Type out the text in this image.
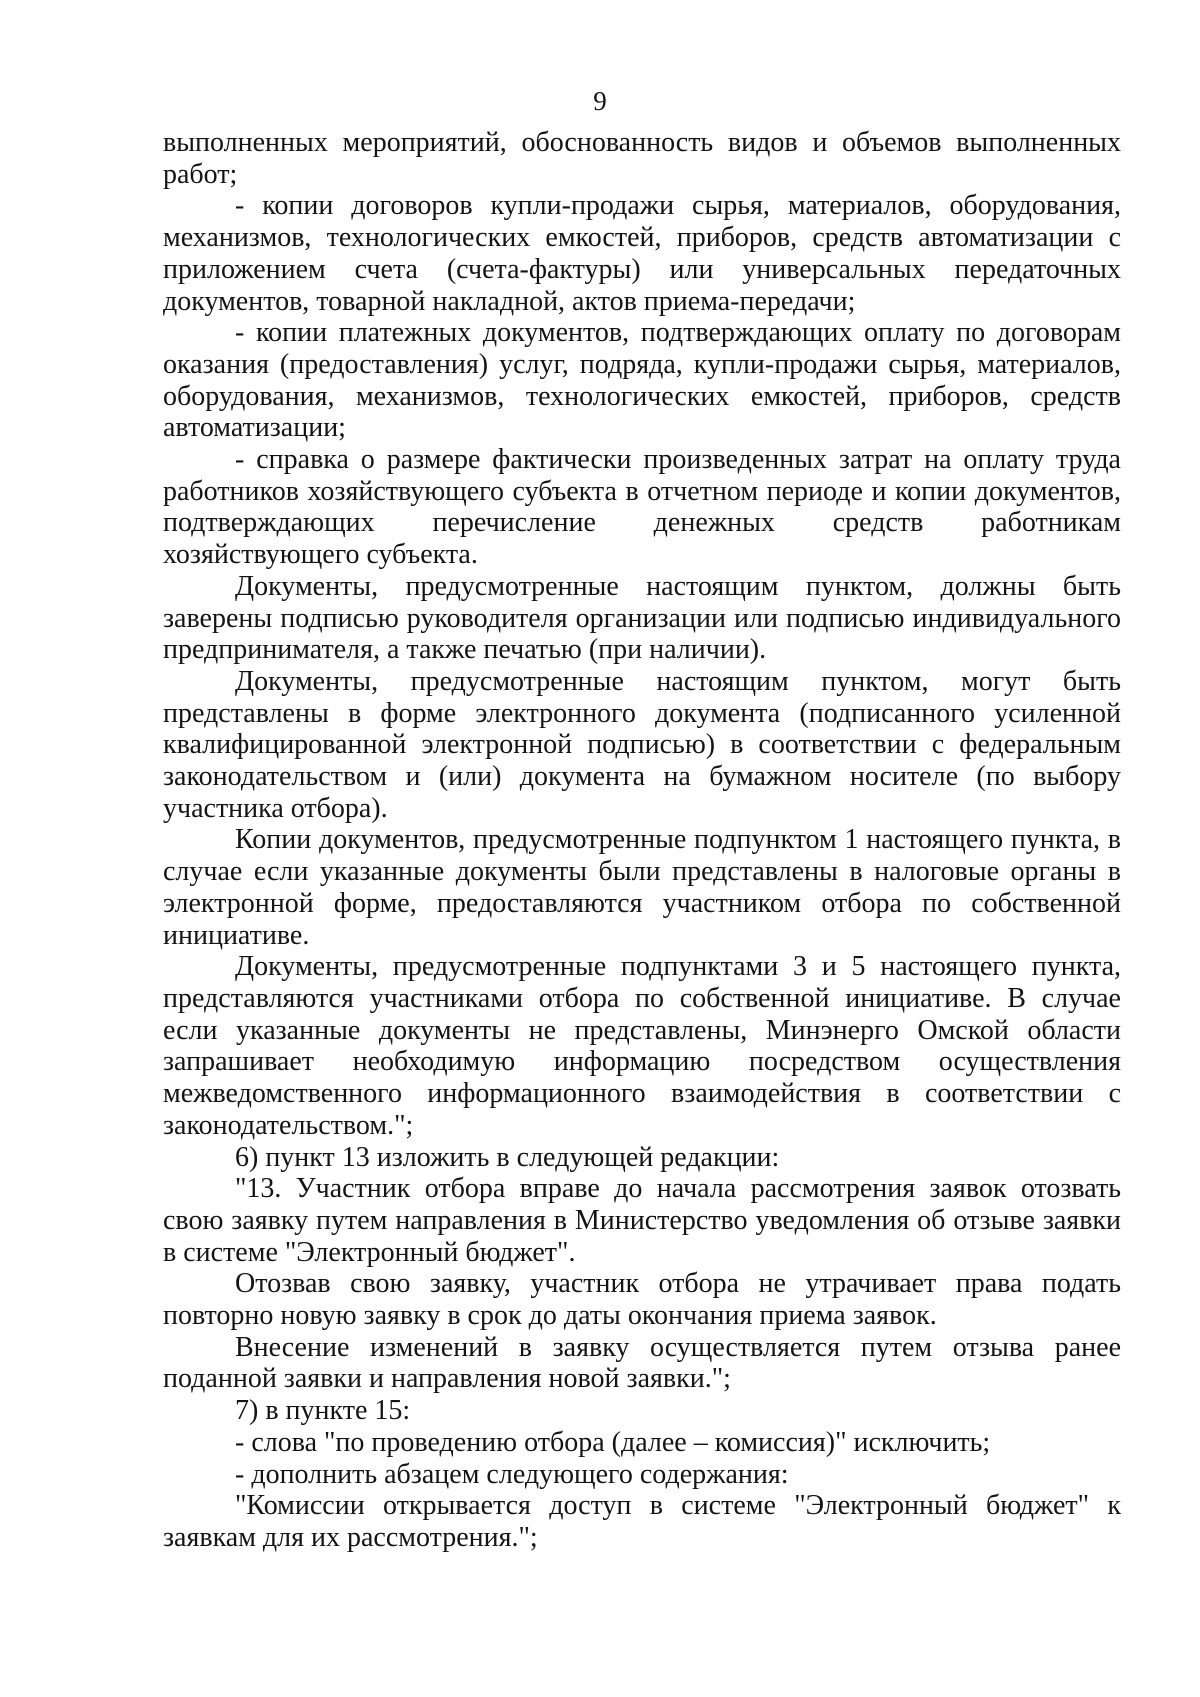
9

выполненных мероприятий, обоснованность видов и объемов выполненных работ;

- копии договоров купли-продажи сырья, материалов, оборудования, механизмов, технологических емкостей, приборов, средств автоматизации с приложением счета (счета-фактуры) или универсальных передаточных документов, товарной накладной, актов приема-передачи;

- копии платежных документов, подтверждающих оплату по договорам оказания (предоставления) услуг, подряда, купли-продажи сырья, материалов, оборудования, механизмов, технологических емкостей, приборов, средств автоматизации;

- справка о размере фактически произведенных затрат на оплату труда работников хозяйствующего субъекта в отчетном периоде и копии документов, подтверждающих перечисление денежных средств работникам хозяйствующего субъекта.

Документы, предусмотренные настоящим пунктом, должны быть заверены подписью руководителя организации или подписью индивидуального предпринимателя, а также печатью (при наличии).

Документы, предусмотренные настоящим пунктом, могут быть представлены в форме электронного документа (подписанного усиленной квалифицированной электронной подписью) в соответствии с федеральным законодательством и (или) документа на бумажном носителе (по выбору участника отбора).

Копии документов, предусмотренные подпунктом 1 настоящего пункта, в случае если указанные документы были представлены в налоговые органы в электронной форме, предоставляются участником отбора по собственной инициативе.

Документы, предусмотренные подпунктами 3 и 5 настоящего пункта, представляются участниками отбора по собственной инициативе. В случае если указанные документы не представлены, Минэнерго Омской области запрашивает необходимую информацию посредством осуществления межведомственного информационного взаимодействия в соответствии с законодательством.";

6) пункт 13 изложить в следующей редакции:

"13. Участник отбора вправе до начала рассмотрения заявок отозвать свою заявку путем направления в Министерство уведомления об отзыве заявки в системе "Электронный бюджет".

Отозвав свою заявку, участник отбора не утрачивает права подать повторно новую заявку в срок до даты окончания приема заявок.

Внесение изменений в заявку осуществляется путем отзыва ранее поданной заявки и направления новой заявки.";

7) в пункте 15:

- слова "по проведению отбора (далее – комиссия)" исключить;

- дополнить абзацем следующего содержания:

"Комиссии открывается доступ в системе "Электронный бюджет" к заявкам для их рассмотрения.";
